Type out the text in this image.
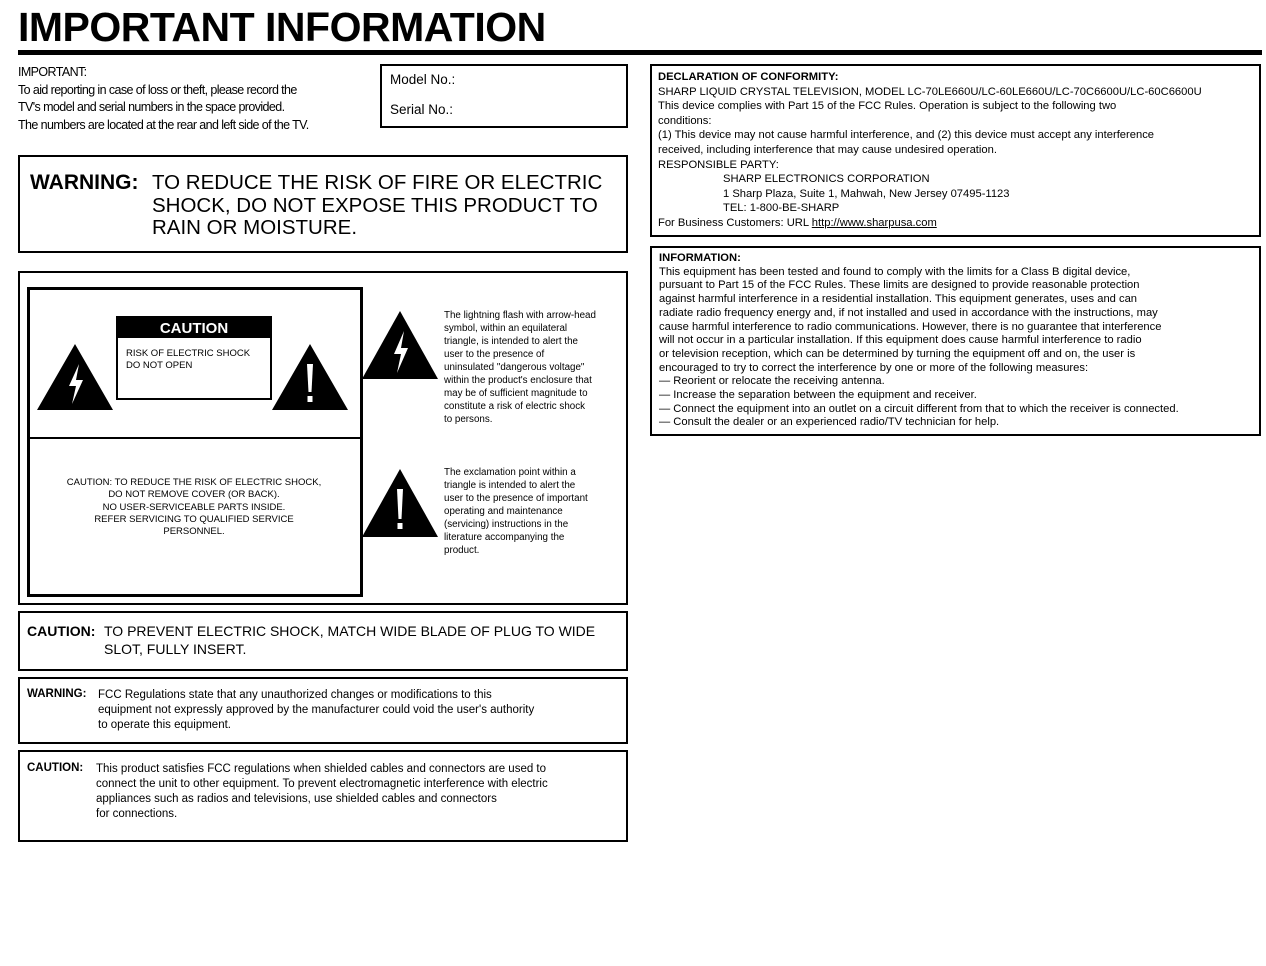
IMPORTANT INFORMATION
IMPORTANT:
To aid reporting in case of loss or theft, please record the
TV's model and serial numbers in the space provided.
The numbers are located at the rear and left side of the TV.
Model No.:
Serial No.:
WARNING: TO REDUCE THE RISK OF FIRE OR ELECTRIC
SHOCK, DO NOT EXPOSE THIS PRODUCT TO
RAIN OR MOISTURE.
CAUTION
RISK OF ELECTRIC SHOCK
DO NOT OPEN
CAUTION: TO REDUCE THE RISK OF ELECTRIC SHOCK,
DO NOT REMOVE COVER (OR BACK).
NO USER-SERVICEABLE PARTS INSIDE.
REFER SERVICING TO QUALIFIED SERVICE
PERSONNEL.
The lightning flash with arrow-head
symbol, within an equilateral
triangle, is intended to alert the
user to the presence of
uninsulated "dangerous voltage"
within the product's enclosure that
may be of sufficient magnitude to
constitute a risk of electric shock
to persons.
The exclamation point within a
triangle is intended to alert the
user to the presence of important
operating and maintenance
(servicing) instructions in the
literature accompanying the
product.
CAUTION: TO PREVENT ELECTRIC SHOCK, MATCH WIDE BLADE OF PLUG TO WIDE
SLOT, FULLY INSERT.
WARNING: FCC Regulations state that any unauthorized changes or modifications to this
equipment not expressly approved by the manufacturer could void the user's authority
to operate this equipment.
CAUTION: This product satisfies FCC regulations when shielded cables and connectors are used to
connect the unit to other equipment. To prevent electromagnetic interference with electric
appliances such as radios and televisions, use shielded cables and connectors
for connections.
DECLARATION OF CONFORMITY:
SHARP LIQUID CRYSTAL TELEVISION, MODEL LC-70LE660U/LC-60LE660U/LC-70C6600U/LC-60C6600U
This device complies with Part 15 of the FCC Rules. Operation is subject to the following two
conditions:
(1) This device may not cause harmful interference, and (2) this device must accept any interference
received, including interference that may cause undesired operation.
RESPONSIBLE PARTY:
SHARP ELECTRONICS CORPORATION
1 Sharp Plaza, Suite 1, Mahwah, New Jersey 07495-1123
TEL: 1-800-BE-SHARP
For Business Customers: URL http://www.sharpusa.com
INFORMATION:
This equipment has been tested and found to comply with the limits for a Class B digital device,
pursuant to Part 15 of the FCC Rules. These limits are designed to provide reasonable protection
against harmful interference in a residential installation. This equipment generates, uses and can
radiate radio frequency energy and, if not installed and used in accordance with the instructions, may
cause harmful interference to radio communications. However, there is no guarantee that interference
will not occur in a particular installation. If this equipment does cause harmful interference to radio
or television reception, which can be determined by turning the equipment off and on, the user is
encouraged to try to correct the interference by one or more of the following measures:
— Reorient or relocate the receiving antenna.
— Increase the separation between the equipment and receiver.
— Connect the equipment into an outlet on a circuit different from that to which the receiver is connected.
— Consult the dealer or an experienced radio/TV technician for help.
